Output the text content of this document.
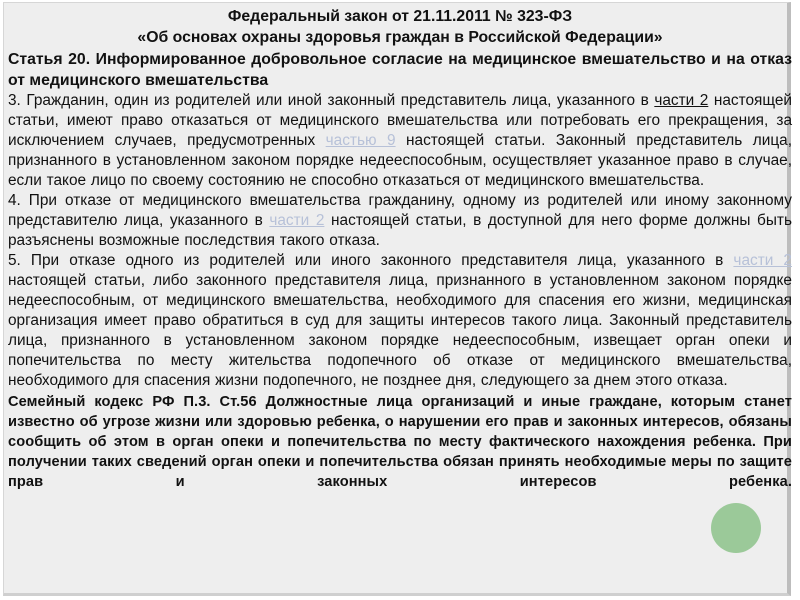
Федеральный закон от 21.11.2011 № 323-ФЗ

«Об основах охраны здоровья граждан в Российской Федерации»

Статья 20. Информированное добровольное согласие на медицинское вмешательство и на отказ от медицинского вмешательства

3. Гражданин, один из родителей или иной законный представитель лица, указанного в части 2 настоящей статьи, имеют право отказаться от медицинского вмешательства или потребовать его прекращения, за исключением случаев, предусмотренных частью 9 настоящей статьи. Законный представитель лица, признанного в установленном законом порядке недееспособным, осуществляет указанное право в случае, если такое лицо по своему состоянию не способно отказаться от медицинского вмешательства.

4. При отказе от медицинского вмешательства гражданину, одному из родителей или иному законному представителю лица, указанного в части 2 настоящей статьи, в доступной для него форме должны быть разъяснены возможные последствия такого отказа.

5. При отказе одного из родителей или иного законного представителя лица, указанного в части 2 настоящей статьи, либо законного представителя лица, признанного в установленном законом порядке недееспособным, от медицинского вмешательства, необходимого для спасения его жизни, медицинская организация имеет право обратиться в суд для защиты интересов такого лица. Законный представитель лица, признанного в установленном законом порядке недееспособным, извещает орган опеки и попечительства по месту жительства подопечного об отказе от медицинского вмешательства, необходимого для спасения жизни подопечного, не позднее дня, следующего за днем этого отказа.

Семейный кодекс РФ П.3. Ст.56 Должностные лица организаций и иные граждане, которым станет известно об угрозе жизни или здоровью ребенка, о нарушении его прав и законных интересов, обязаны сообщить об этом в орган опеки и попечительства по месту фактического нахождения ребенка. При получении таких сведений орган опеки и попечительства обязан принять необходимые меры по защите прав и законных интересов ребенка.
